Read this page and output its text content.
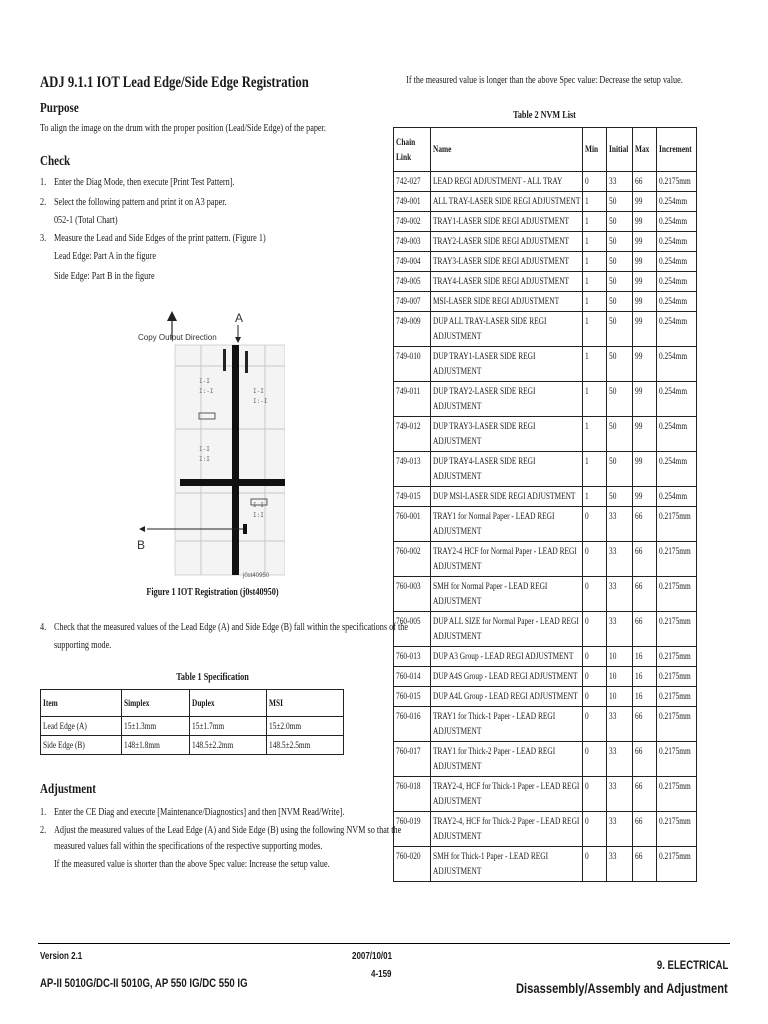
ADJ 9.1.1 IOT Lead Edge/Side Edge Registration
Purpose
To align the image on the drum with the proper position (Lead/Side Edge) of the paper.
Check
1. Enter the Diag Mode, then execute [Print Test Pattern].
2. Select the following pattern and print it on A3 paper.
052-1 (Total Chart)
3. Measure the Lead and Side Edges of the print pattern. (Figure 1)
Lead Edge: Part A in the figure
Side Edge: Part B in the figure
Copy Output Direction
A
I‑I
I:‑I	I‑I
I:‑I
I‑I
I:I
I‑I
I:I
B
j0st40950
Figure 1 IOT Registration (j0st40950)
4. Check that the measured values of the Lead Edge (A) and Side Edge (B) fall within the specifications of the
supporting mode.
Table 1 Specification
Item	Simplex	Duplex	MSI
Lead Edge (A)	15±1.3mm	15±1.7mm	15±2.0mm
Side Edge (B)	148±1.8mm	148.5±2.2mm	148.5±2.5mm
Adjustment
1. Enter the CE Diag and execute [Maintenance/Diagnostics] and then [NVM Read/Write].
2. Adjust the measured values of the Lead Edge (A) and Side Edge (B) using the following NVM so that the
measured values fall within the specifications of the respective supporting modes.
If the measured value is shorter than the above Spec value: Increase the setup value.
If the measured value is longer than the above Spec value: Decrease the setup value.
Table 2 NVM List
Chain Link	Name	Min	Initial	Max	Increment
742-027	LEAD REGI ADJUSTMENT - ALL TRAY	0	33	66	0.2175mm
749-001	ALL TRAY-LASER SIDE REGI ADJUSTMENT	1	50	99	0.254mm
749-002	TRAY1-LASER SIDE REGI ADJUSTMENT	1	50	99	0.254mm
749-003	TRAY2-LASER SIDE REGI ADJUSTMENT	1	50	99	0.254mm
749-004	TRAY3-LASER SIDE REGI ADJUSTMENT	1	50	99	0.254mm
749-005	TRAY4-LASER SIDE REGI ADJUSTMENT	1	50	99	0.254mm
749-007	MSI-LASER SIDE REGI ADJUSTMENT	1	50	99	0.254mm
749-009	DUP ALL TRAY-LASER SIDE REGI ADJUSTMENT	1	50	99	0.254mm
749-010	DUP TRAY1-LASER SIDE REGI ADJUSTMENT	1	50	99	0.254mm
749-011	DUP TRAY2-LASER SIDE REGI ADJUSTMENT	1	50	99	0.254mm
749-012	DUP TRAY3-LASER SIDE REGI ADJUSTMENT	1	50	99	0.254mm
749-013	DUP TRAY4-LASER SIDE REGI ADJUSTMENT	1	50	99	0.254mm
749-015	DUP MSI-LASER SIDE REGI ADJUSTMENT	1	50	99	0.254mm
760-001	TRAY1 for Normal Paper - LEAD REGI ADJUSTMENT	0	33	66	0.2175mm
760-002	TRAY2-4 HCF for Normal Paper - LEAD REGI ADJUSTMENT	0	33	66	0.2175mm
760-003	SMH for Normal Paper - LEAD REGI ADJUSTMENT	0	33	66	0.2175mm
760-005	DUP ALL SIZE for Normal Paper - LEAD REGI ADJUSTMENT	0	33	66	0.2175mm
760-013	DUP A3 Group - LEAD REGI ADJUSTMENT	0	10	16	0.2175mm
760-014	DUP A4S Group - LEAD REGI ADJUSTMENT	0	10	16	0.2175mm
760-015	DUP A4L Group - LEAD REGI ADJUSTMENT	0	10	16	0.2175mm
760-016	TRAY1 for Thick-1 Paper - LEAD REGI ADJUSTMENT	0	33	66	0.2175mm
760-017	TRAY1 for Thick-2 Paper - LEAD REGI ADJUSTMENT	0	33	66	0.2175mm
760-018	TRAY2-4, HCF for Thick-1 Paper - LEAD REGI ADJUSTMENT	0	33	66	0.2175mm
760-019	TRAY2-4, HCF for Thick-2 Paper - LEAD REGI ADJUSTMENT	0	33	66	0.2175mm
760-020	SMH for Thick-1 Paper - LEAD REGI ADJUSTMENT	0	33	66	0.2175mm
Version 2.1
AP-II 5010G/DC-II 5010G, AP 550 IG/DC 550 IG
2007/10/01
4-159
9. ELECTRICAL
Disassembly/Assembly and Adjustment
